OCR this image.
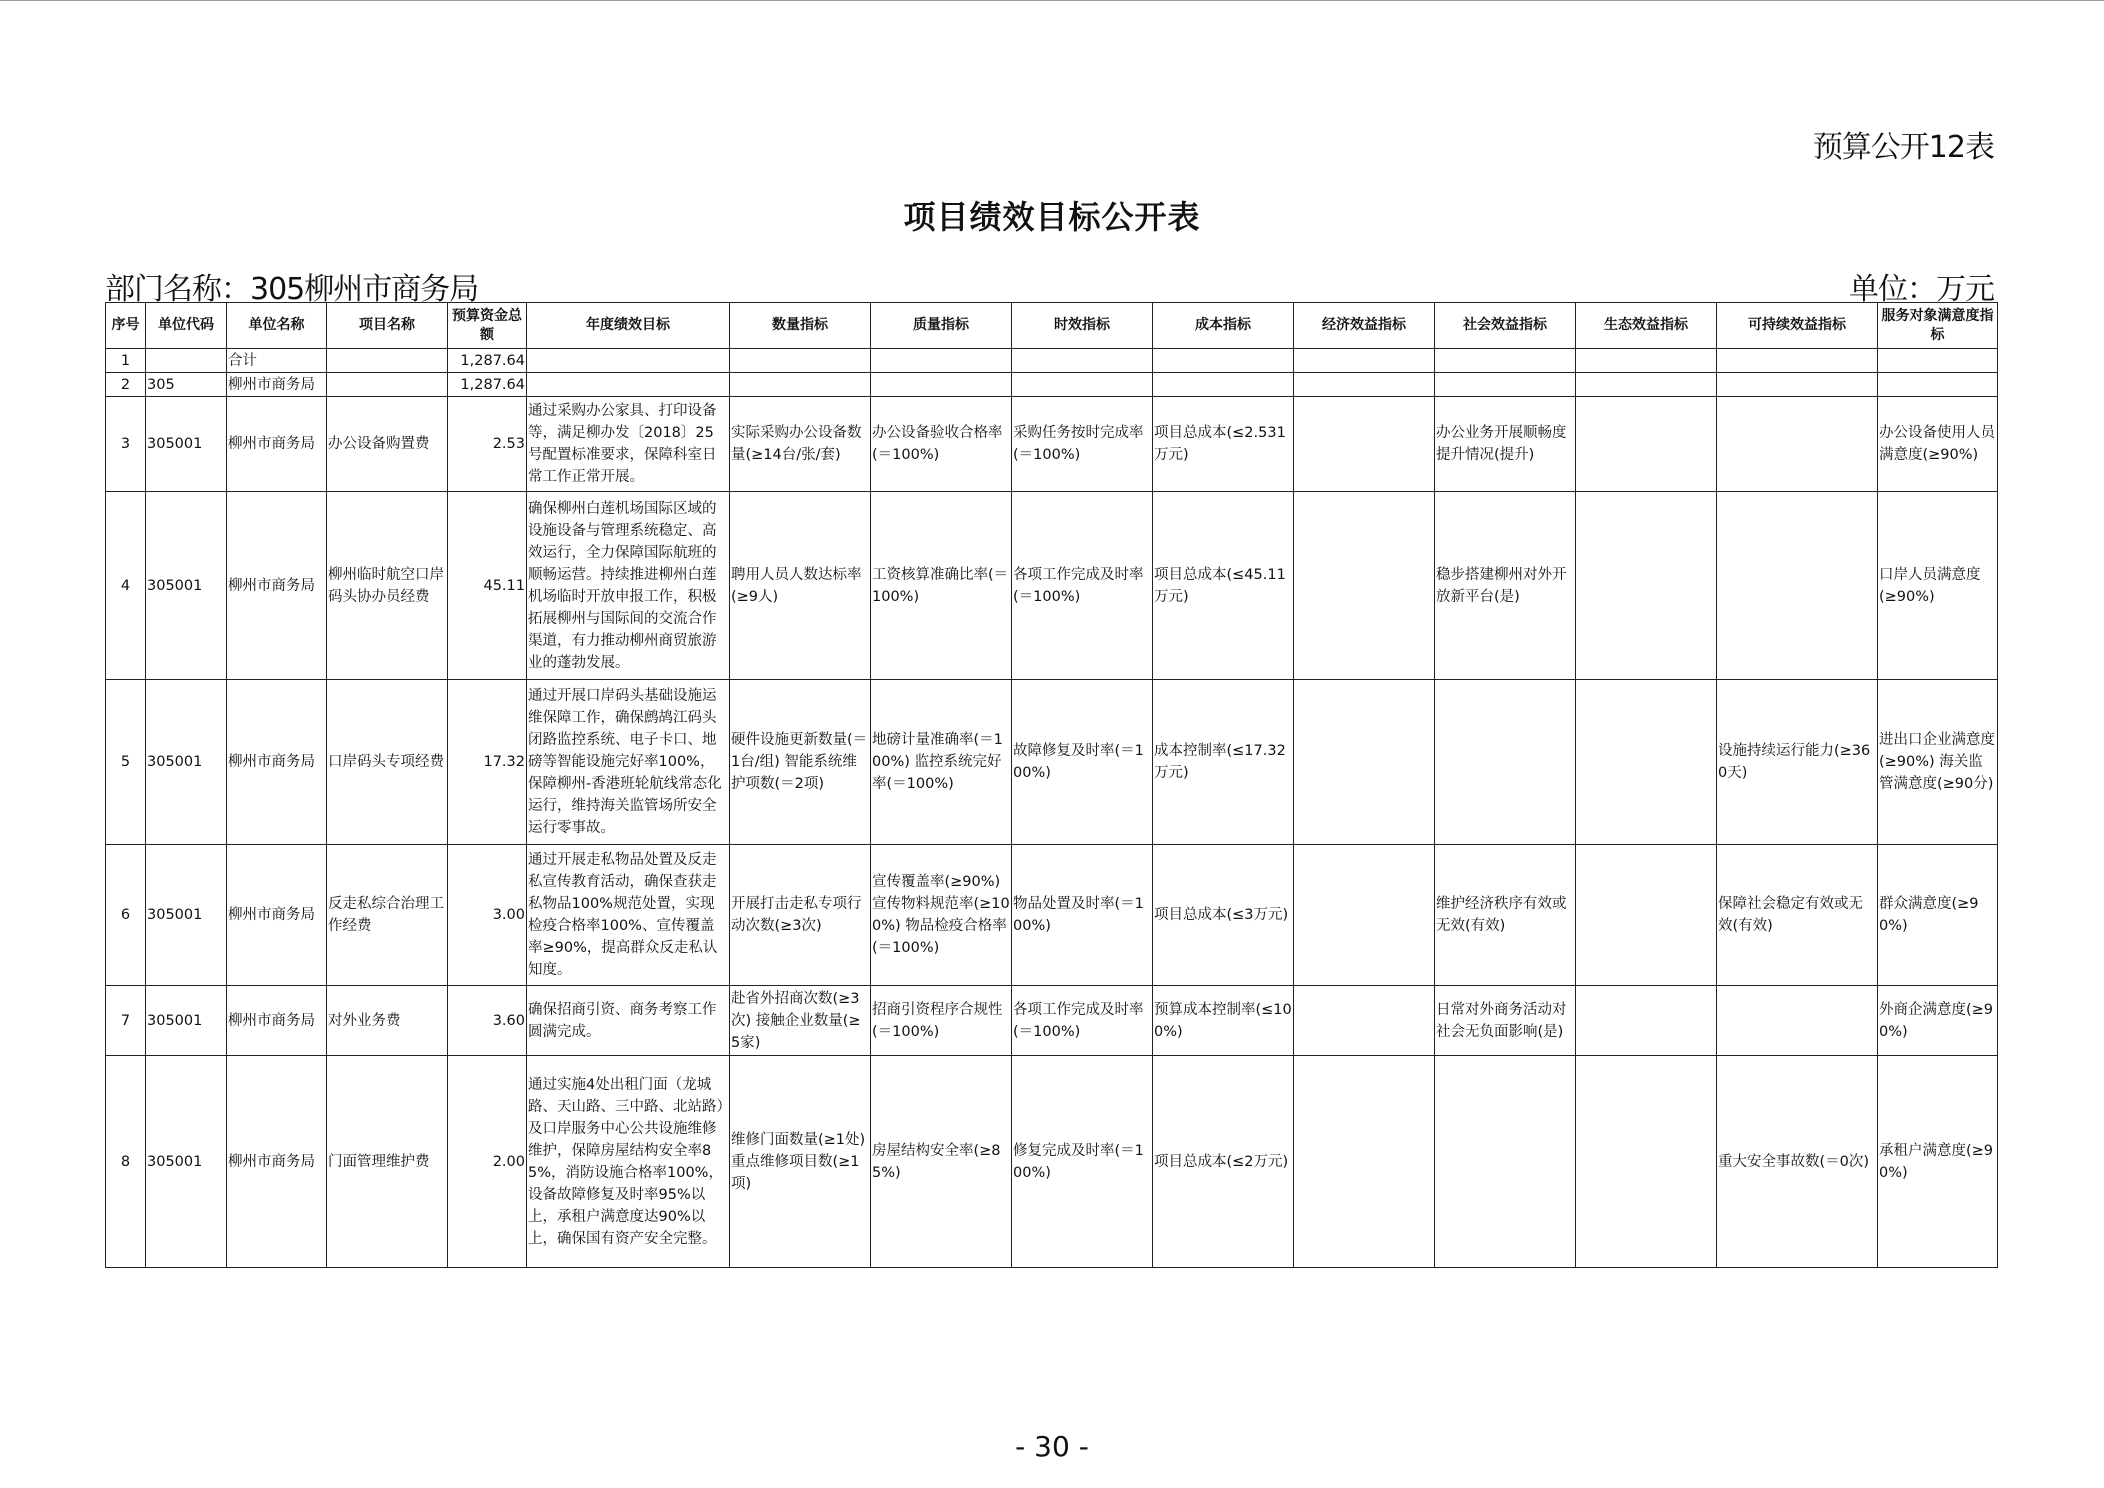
预算公开12表
项目绩效目标公开表
部门名称：305柳州市商务局	单位：万元
序号	单位代码	单位名称	项目名称	预算资金总额	年度绩效目标	数量指标	质量指标	时效指标	成本指标	经济效益指标	社会效益指标	生态效益指标	可持续效益指标	服务对象满意度指标
1		合计		1,287.64										
2	305	柳州市商务局		1,287.64										
3	305001	柳州市商务局	办公设备购置费	2.53	通过采购办公家具、打印设备等，满足柳办发〔2018〕25号配置标准要求，保障科室日常工作正常开展。	实际采购办公设备数量(≥14台/张/套)	办公设备验收合格率(＝100%)	采购任务按时完成率(＝100%)	项目总成本(≤2.531万元)		办公业务开展顺畅度提升情况(提升)			办公设备使用人员满意度(≥90%)
4	305001	柳州市商务局	柳州临时航空口岸码头协办员经费	45.11	确保柳州白莲机场国际区域的设施设备与管理系统稳定、高效运行，全力保障国际航班的顺畅运营。持续推进柳州白莲机场临时开放申报工作，积极拓展柳州与国际间的交流合作渠道，有力推动柳州商贸旅游业的蓬勃发展。	聘用人员人数达标率(≥9人)	工资核算准确比率(＝100%)	各项工作完成及时率(＝100%)	项目总成本(≤45.11万元)		稳步搭建柳州对外开放新平台(是)			口岸人员满意度(≥90%)
5	305001	柳州市商务局	口岸码头专项经费	17.32	通过开展口岸码头基础设施运维保障工作，确保鹧鸪江码头闭路监控系统、电子卡口、地磅等智能设施完好率100%，保障柳州-香港班轮航线常态化运行，维持海关监管场所安全运行零事故。	硬件设施更新数量(＝1台/组) 智能系统维护项数(＝2项)	地磅计量准确率(＝100%) 监控系统完好率(＝100%)	故障修复及时率(＝100%)	成本控制率(≤17.32万元)				设施持续运行能力(≥360天)	进出口企业满意度(≥90%) 海关监管满意度(≥90分)
6	305001	柳州市商务局	反走私综合治理工作经费	3.00	通过开展走私物品处置及反走私宣传教育活动，确保查获走私物品100%规范处置，实现检疫合格率100%、宣传覆盖率≥90%，提高群众反走私认知度。	开展打击走私专项行动次数(≥3次)	宣传覆盖率(≥90%) 宣传物料规范率(≥100%) 物品检疫合格率(＝100%)	物品处置及时率(＝100%)	项目总成本(≤3万元)		维护经济秩序有效或无效(有效)		保障社会稳定有效或无效(有效)	群众满意度(≥90%)
7	305001	柳州市商务局	对外业务费	3.60	确保招商引资、商务考察工作圆满完成。	赴省外招商次数(≥3次) 接触企业数量(≥5家)	招商引资程序合规性(＝100%)	各项工作完成及时率(＝100%)	预算成本控制率(≤100%)		日常对外商务活动对社会无负面影响(是)			外商企满意度(≥90%)
8	305001	柳州市商务局	门面管理维护费	2.00	通过实施4处出租门面（龙城路、天山路、三中路、北站路）及口岸服务中心公共设施维修维护，保障房屋结构安全率85%，消防设施合格率100%，设备故障修复及时率95%以上，承租户满意度达90%以上，确保国有资产安全完整。	维修门面数量(≥1处) 重点维修项目数(≥1项)	房屋结构安全率(≥85%)	修复完成及时率(＝100%)	项目总成本(≤2万元)				重大安全事故数(＝0次)	承租户满意度(≥90%)
- 30 -
